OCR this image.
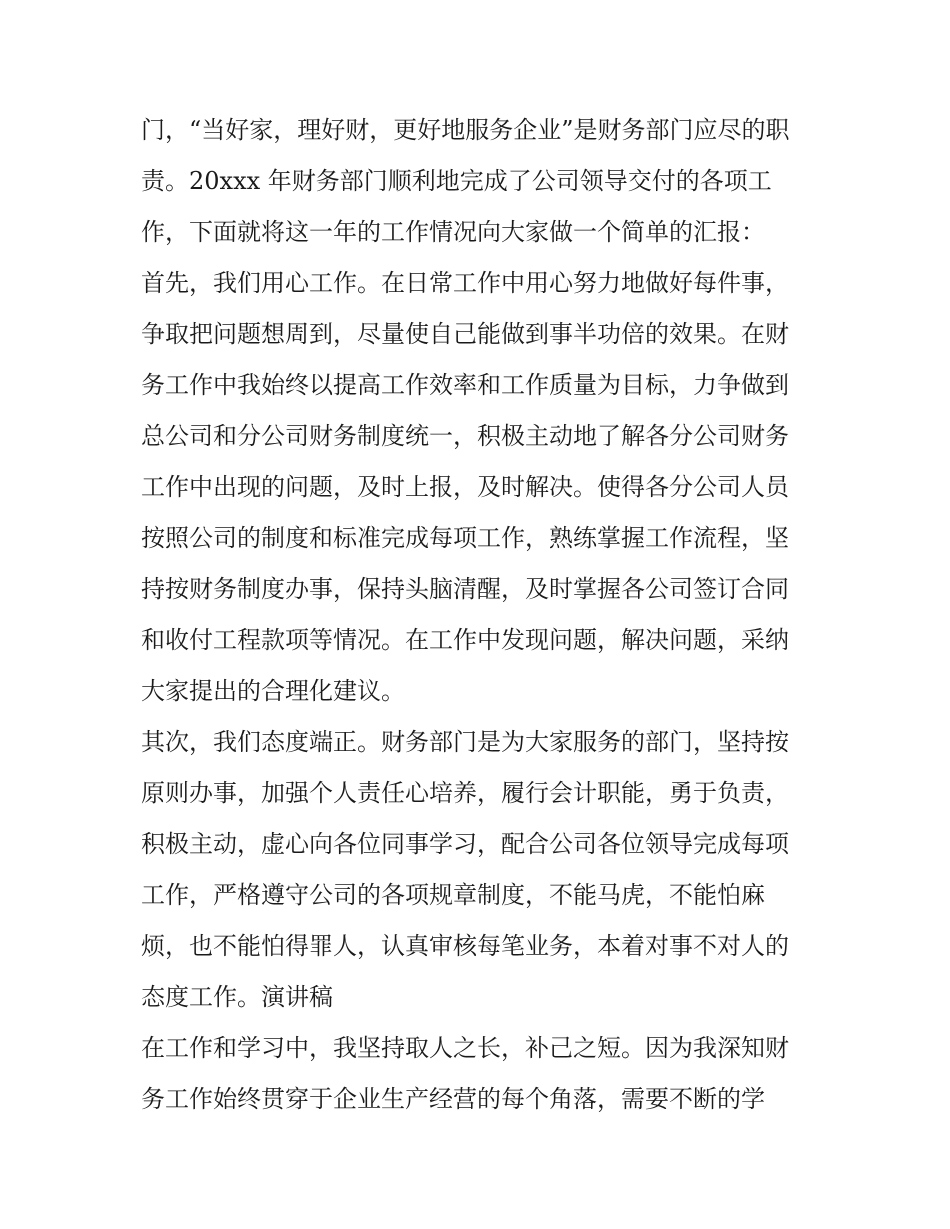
门，“当好家，理好财，更好地服务企业”是财务部门应尽的职
责。20xxx 年财务部门顺利地完成了公司领导交付的各项工
作，下面就将这一年的工作情况向大家做一个简单的汇报：
首先，我们用心工作。在日常工作中用心努力地做好每件事，
争取把问题想周到，尽量使自己能做到事半功倍的效果。在财
务工作中我始终以提高工作效率和工作质量为目标，力争做到
总公司和分公司财务制度统一，积极主动地了解各分公司财务
工作中出现的问题，及时上报，及时解决。使得各分公司人员
按照公司的制度和标准完成每项工作，熟练掌握工作流程，坚
持按财务制度办事，保持头脑清醒，及时掌握各公司签订合同
和收付工程款项等情况。在工作中发现问题，解决问题，采纳
大家提出的合理化建议。
其次，我们态度端正。财务部门是为大家服务的部门，坚持按
原则办事，加强个人责任心培养，履行会计职能，勇于负责，
积极主动，虚心向各位同事学习，配合公司各位领导完成每项
工作，严格遵守公司的各项规章制度，不能马虎，不能怕麻
烦，也不能怕得罪人，认真审核每笔业务，本着对事不对人的
态度工作。演讲稿
在工作和学习中，我坚持取人之长，补己之短。因为我深知财
务工作始终贯穿于企业生产经营的每个角落，需要不断的学
